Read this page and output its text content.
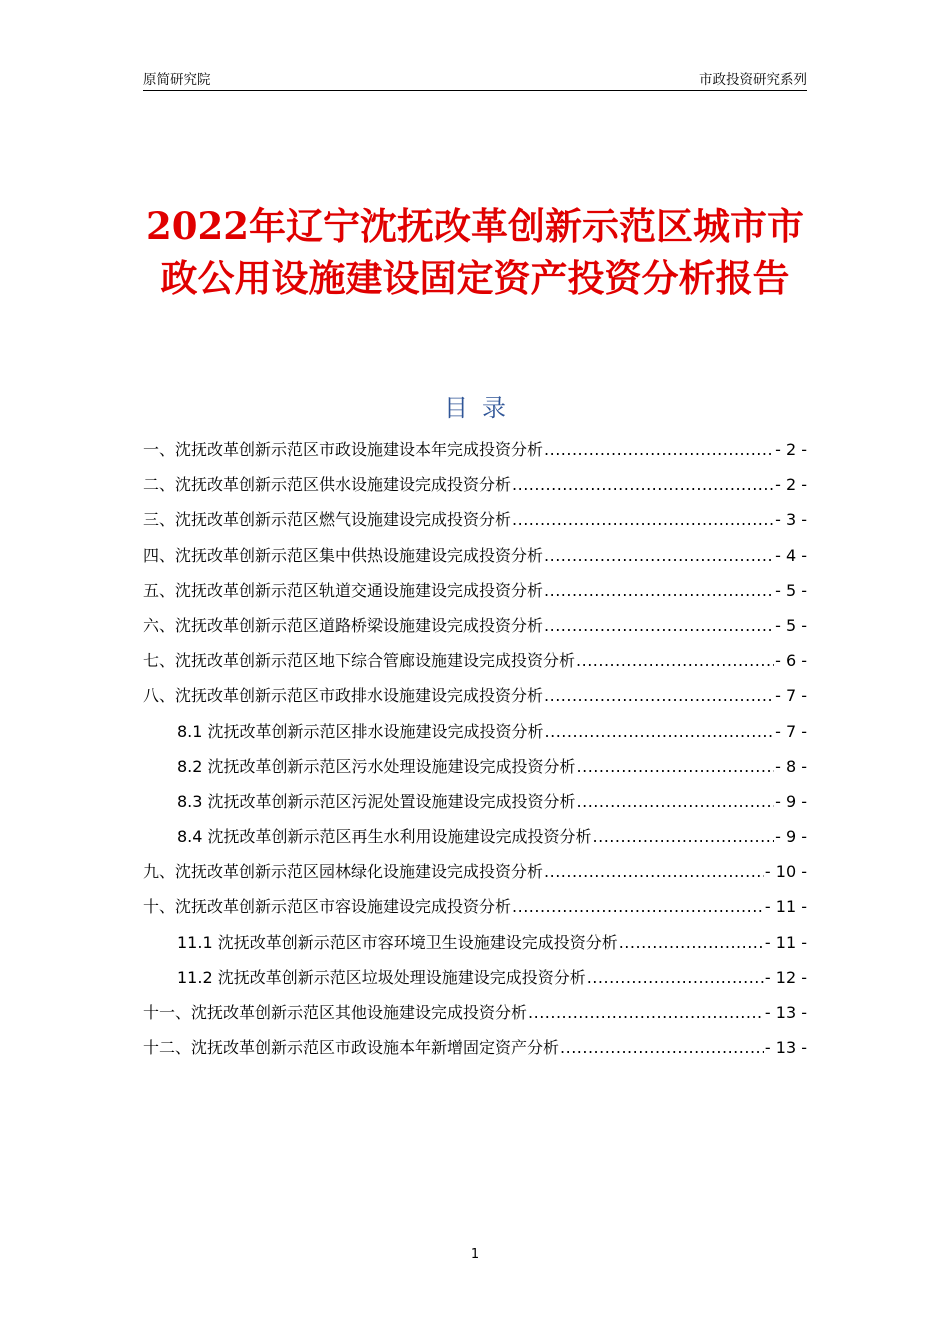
原简研究院	市政投资研究系列
2022年辽宁沈抚改革创新示范区城市市
政公用设施建设固定资产投资分析报告
目录
一、沈抚改革创新示范区市政设施建设本年完成投资分析 .....	- 2 -
二、沈抚改革创新示范区供水设施建设完成投资分析 .....	- 2 -
三、沈抚改革创新示范区燃气设施建设完成投资分析 .....	- 3 -
四、沈抚改革创新示范区集中供热设施建设完成投资分析 .....	- 4 -
五、沈抚改革创新示范区轨道交通设施建设完成投资分析 .....	- 5 -
六、沈抚改革创新示范区道路桥梁设施建设完成投资分析 .....	- 5 -
七、沈抚改革创新示范区地下综合管廊设施建设完成投资分析 .....	- 6 -
八、沈抚改革创新示范区市政排水设施建设完成投资分析 .....	- 7 -
8.1 沈抚改革创新示范区排水设施建设完成投资分析 .....	- 7 -
8.2 沈抚改革创新示范区污水处理设施建设完成投资分析 .....	- 8 -
8.3 沈抚改革创新示范区污泥处置设施建设完成投资分析 .....	- 9 -
8.4 沈抚改革创新示范区再生水利用设施建设完成投资分析 .....	- 9 -
九、沈抚改革创新示范区园林绿化设施建设完成投资分析 .....	- 10 -
十、沈抚改革创新示范区市容设施建设完成投资分析 .....	- 11 -
11.1 沈抚改革创新示范区市容环境卫生设施建设完成投资分析 .....	- 11 -
11.2 沈抚改革创新示范区垃圾处理设施建设完成投资分析 .....	- 12 -
十一、沈抚改革创新示范区其他设施建设完成投资分析 .....	- 13 -
十二、沈抚改革创新示范区市政设施本年新增固定资产分析 .....	- 13 -
1
